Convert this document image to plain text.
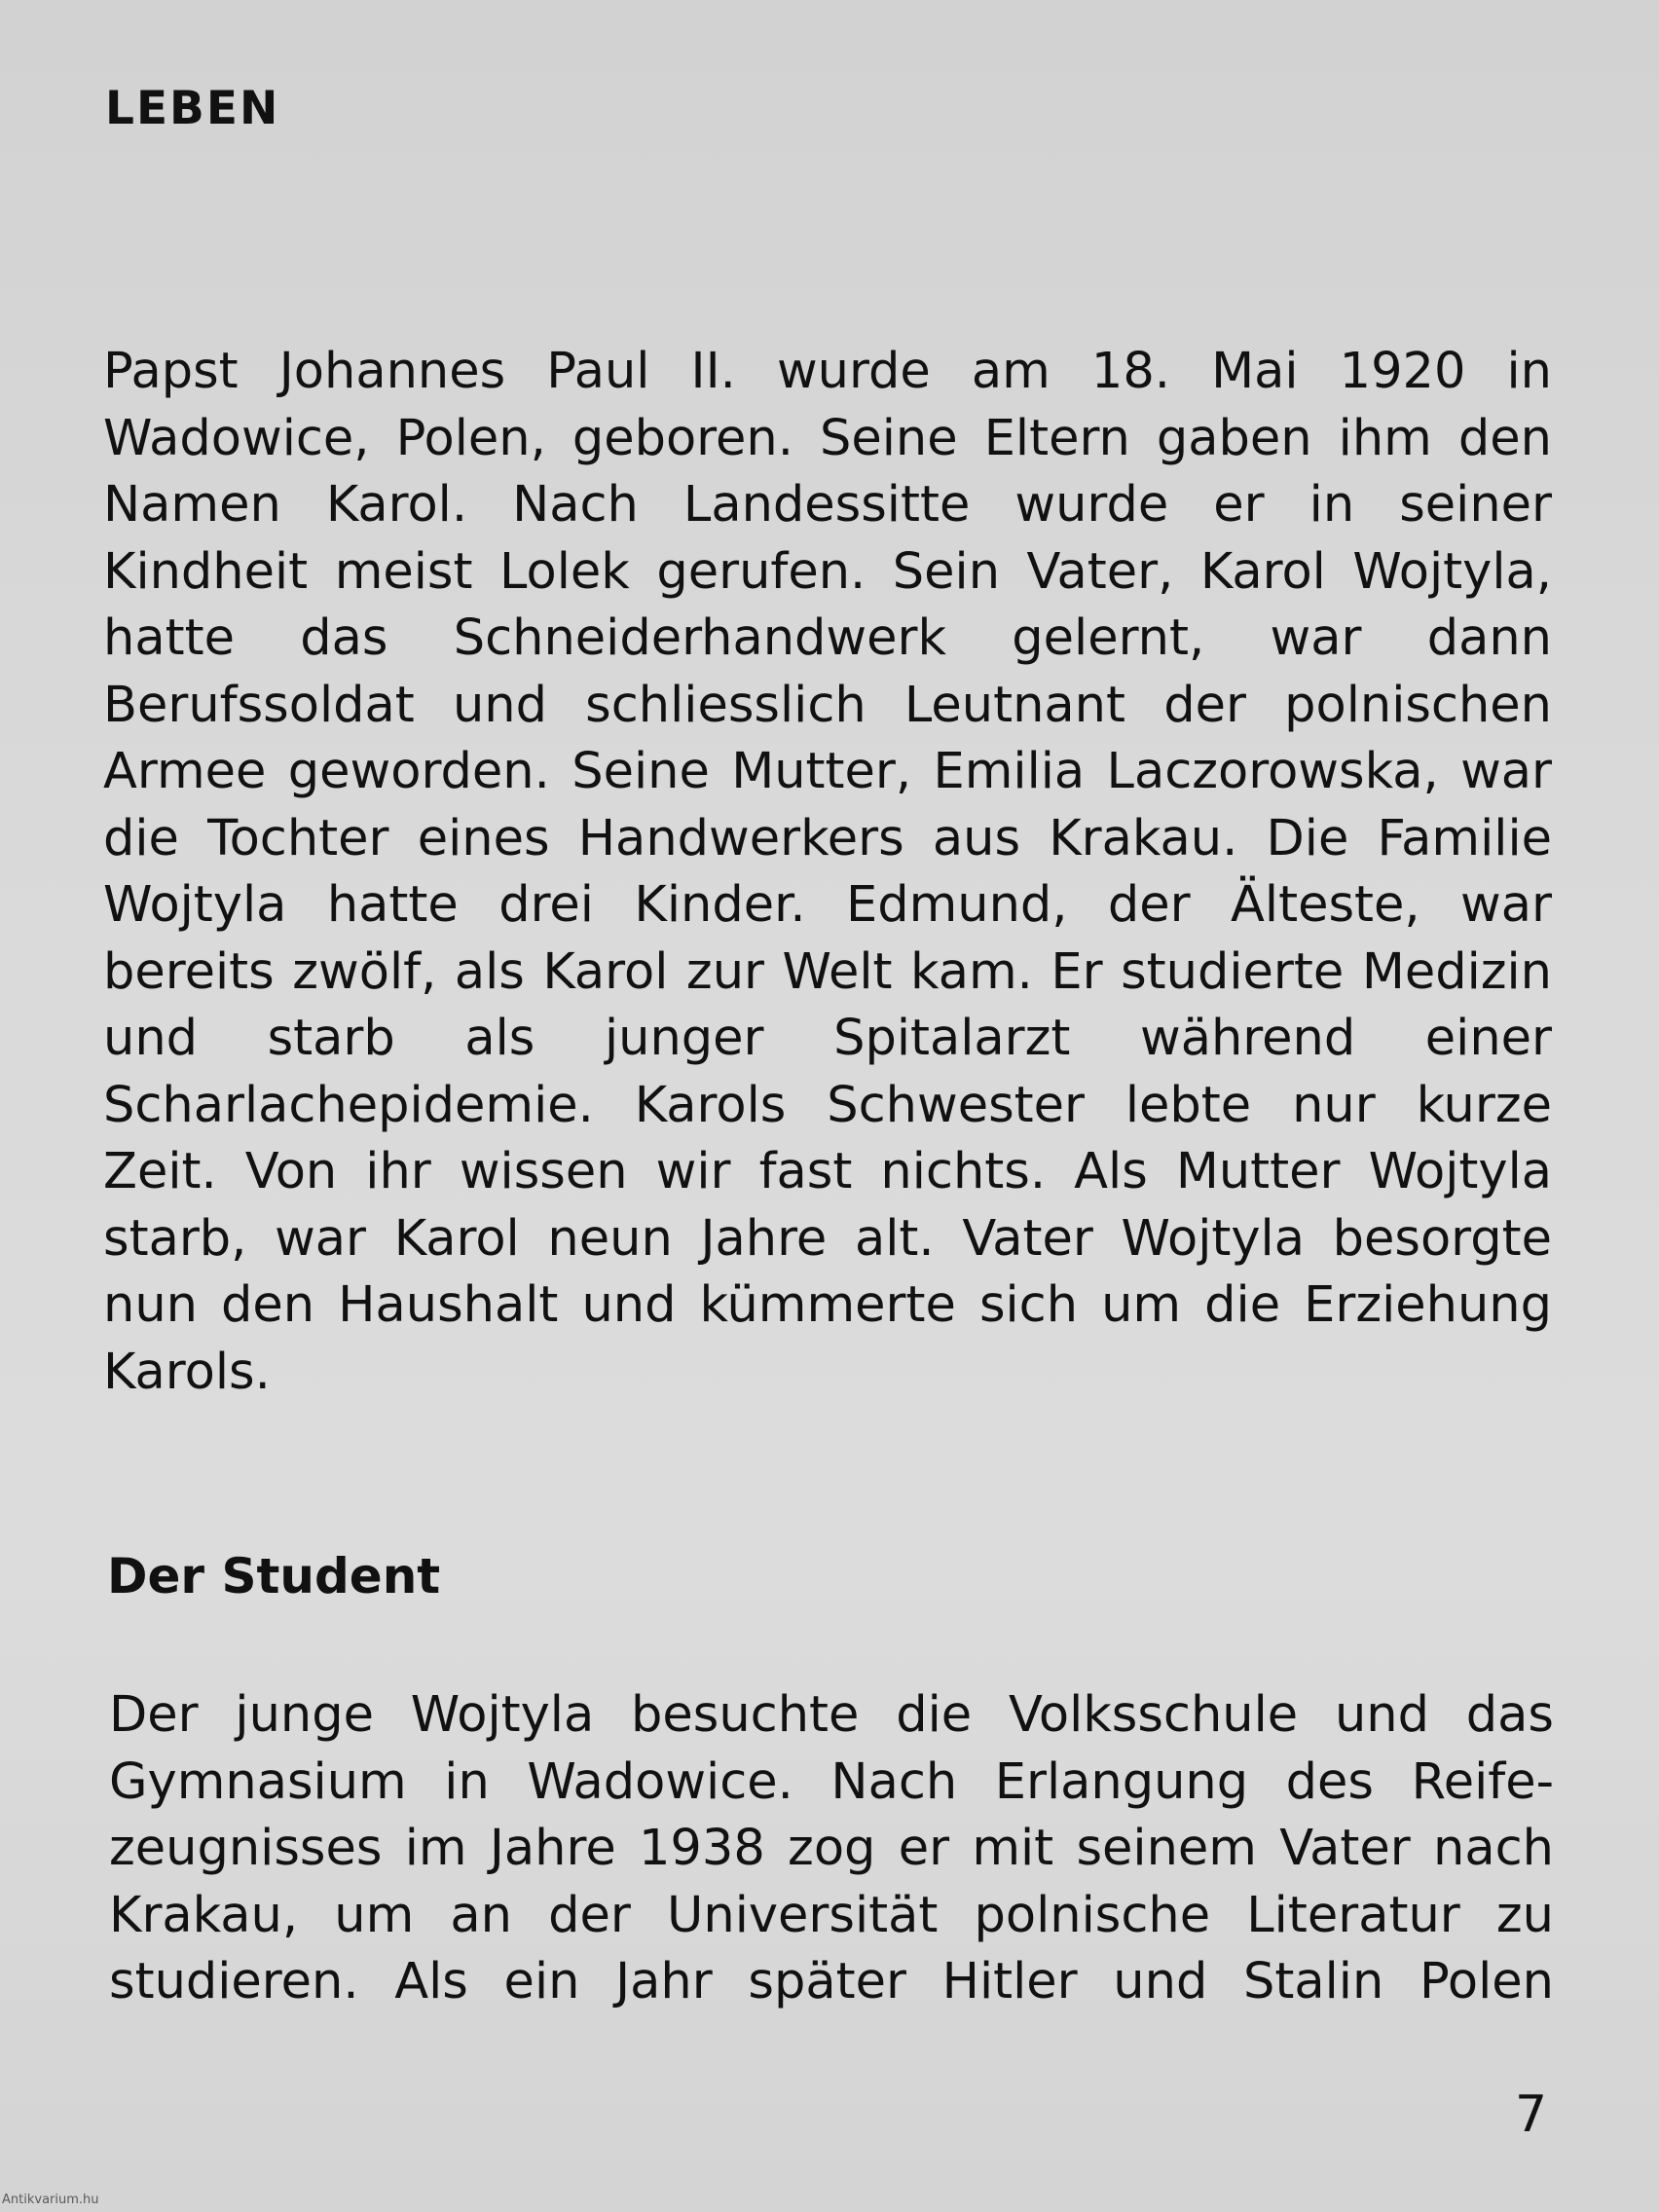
LEBEN

Papst Johannes Paul II. wurde am 18. Mai 1920 in Wadowice, Polen, geboren. Seine Eltern gaben ihm den Namen Karol. Nach Landessitte wurde er in seiner Kindheit meist Lolek gerufen. Sein Vater, Karol Wojtyla, hatte das Schneiderhandwerk gelernt, war dann Berufssoldat und schliesslich Leutnant der polnischen Armee geworden. Seine Mutter, Emilia Laczorowska, war die Tochter eines Handwerkers aus Krakau. Die Familie Wojtyla hatte drei Kinder. Edmund, der Älteste, war bereits zwölf, als Karol zur Welt kam. Er studierte Medizin und starb als junger Spitalarzt während einer Scharlachepidemie. Karols Schwester lebte nur kurze Zeit. Von ihr wissen wir fast nichts. Als Mutter Wojtyla starb, war Karol neun Jahre alt. Vater Wojtyla besorgte nun den Haushalt und kümmerte sich um die Erziehung Karols.

Der Student

Der junge Wojtyla besuchte die Volksschule und das Gymnasium in Wadowice. Nach Erlangung des Reifezeugnisses im Jahre 1938 zog er mit seinem Vater nach Krakau, um an der Universität polnische Literatur zu studieren. Als ein Jahr später Hitler und Stalin Polen

7

Antikvarium.hu
